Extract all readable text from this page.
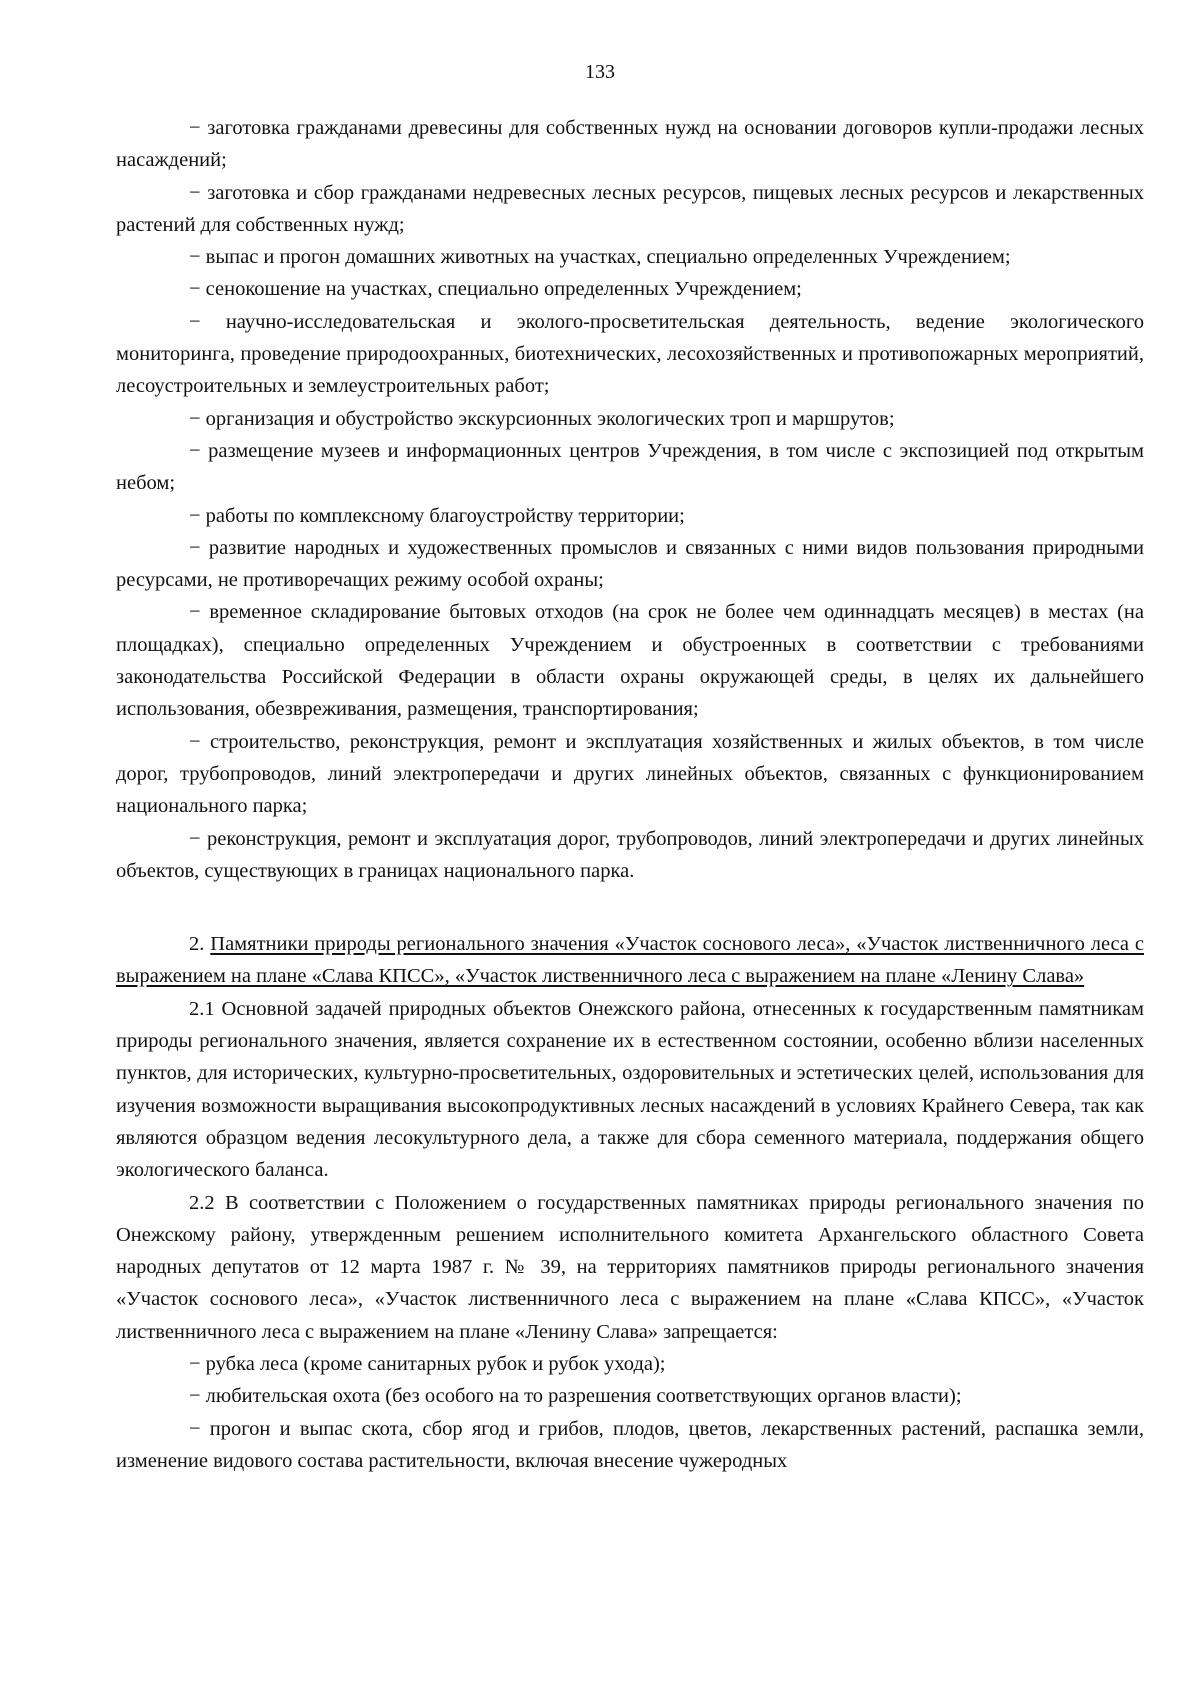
133

− заготовка гражданами древесины для собственных нужд на основании договоров купли-продажи лесных насаждений;

− заготовка и сбор гражданами недревесных лесных ресурсов, пищевых лесных ресурсов и лекарственных растений для собственных нужд;

− выпас и прогон домашних животных на участках, специально определенных Учреждением;

− сенокошение на участках, специально определенных Учреждением;

− научно-исследовательская и эколого-просветительская деятельность, ведение экологического мониторинга, проведение природоохранных, биотехнических, лесохозяйственных и противопожарных мероприятий, лесоустроительных и землеустроительных работ;

− организация и обустройство экскурсионных экологических троп и маршрутов;

− размещение музеев и информационных центров Учреждения, в том числе с экспозицией под открытым небом;

− работы по комплексному благоустройству территории;

− развитие народных и художественных промыслов и связанных с ними видов пользования природными ресурсами, не противоречащих режиму особой охраны;

− временное складирование бытовых отходов (на срок не более чем одиннадцать месяцев) в местах (на площадках), специально определенных Учреждением и обустроенных в соответствии с требованиями законодательства Российской Федерации в области охраны окружающей среды, в целях их дальнейшего использования, обезвреживания, размещения, транспортирования;

− строительство, реконструкция, ремонт и эксплуатация хозяйственных и жилых объектов, в том числе дорог, трубопроводов, линий электропередачи и других линейных объектов, связанных с функционированием национального парка;

− реконструкция, ремонт и эксплуатация дорог, трубопроводов, линий электропередачи и других линейных объектов, существующих в границах национального парка.

2. Памятники природы регионального значения «Участок соснового леса», «Участок лиственничного леса с выражением на плане «Слава КПСС», «Участок лиственничного леса с выражением на плане «Ленину Слава»

2.1 Основной задачей природных объектов Онежского района, отнесенных к государственным памятникам природы регионального значения, является сохранение их в естественном состоянии, особенно вблизи населенных пунктов, для исторических, культурно-просветительных, оздоровительных и эстетических целей, использования для изучения возможности выращивания высокопродуктивных лесных насаждений в условиях Крайнего Севера, так как являются образцом ведения лесокультурного дела, а также для сбора семенного материала, поддержания общего экологического баланса.

2.2 В соответствии с Положением о государственных памятниках природы регионального значения по Онежскому району, утвержденным решением исполнительного комитета Архангельского областного Совета народных депутатов от 12 марта 1987 г. № 39, на территориях памятников природы регионального значения «Участок соснового леса», «Участок лиственничного леса с выражением на плане «Слава КПСС», «Участок лиственничного леса с выражением на плане «Ленину Слава» запрещается:

− рубка леса (кроме санитарных рубок и рубок ухода);

− любительская охота (без особого на то разрешения соответствующих органов власти);

− прогон и выпас скота, сбор ягод и грибов, плодов, цветов, лекарственных растений, распашка земли, изменение видового состава растительности, включая внесение чужеродных
